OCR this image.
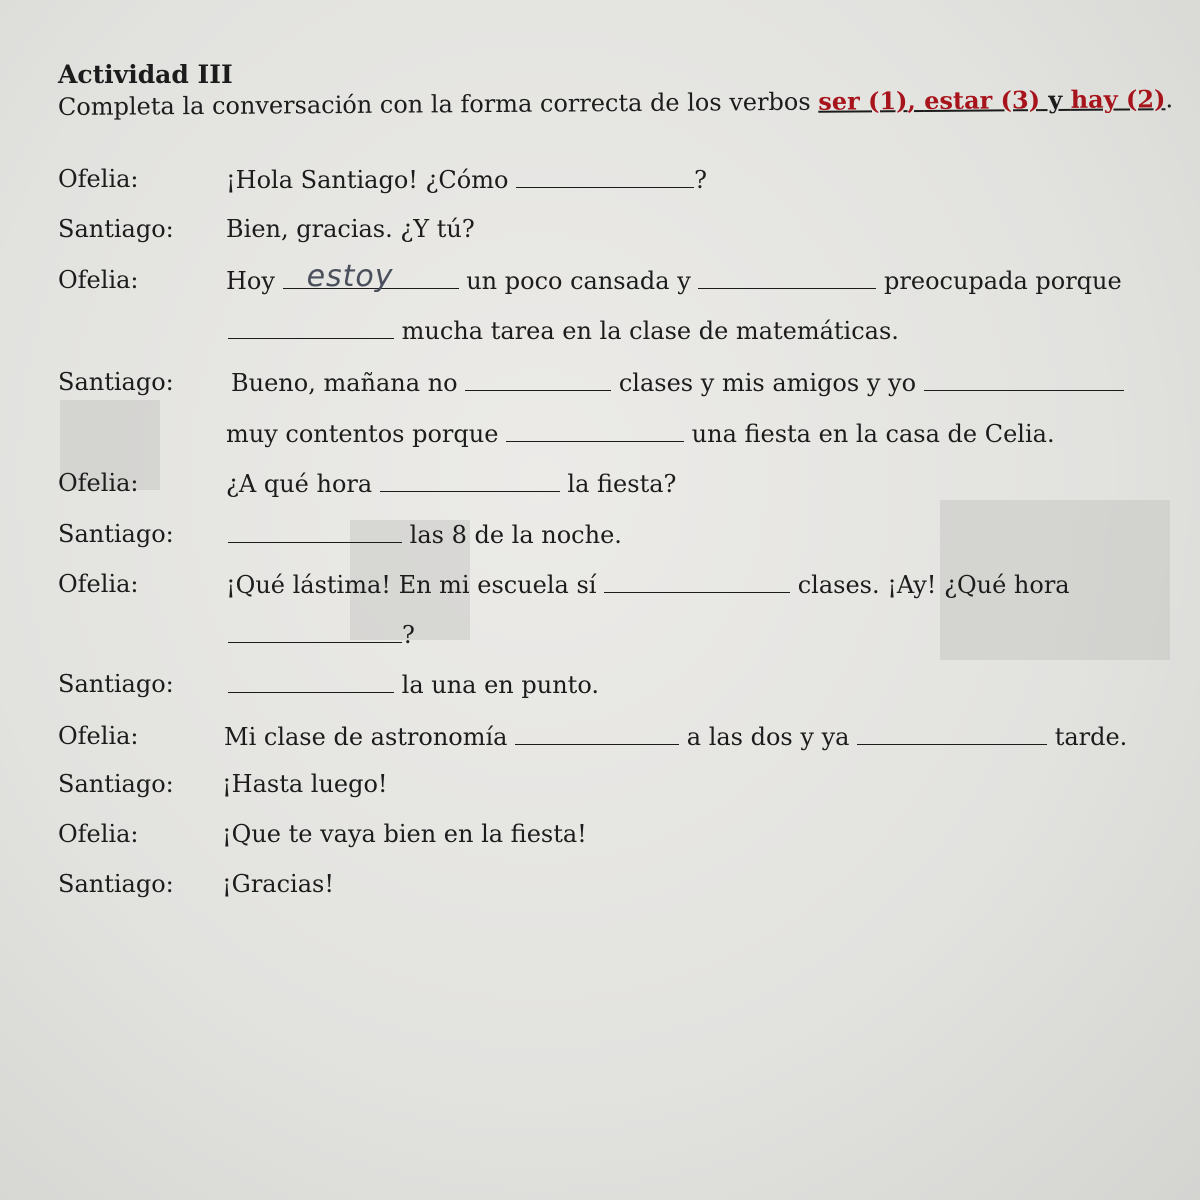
Actividad III
Completa la conversación con la forma correcta de los verbos ser (1), estar (3) y hay (2).
Ofelia:	¡Hola Santiago! ¿Cómo	?
Santiago: Bien, gracias. ¿Y tú?
Ofelia:	Hoy estoy	un poco cansada y	preocupada porque
mucha tarea en la clase de matemáticas.
Santiago: Bueno, mañana no	clases y mis amigos y yo
muy contentos porque	una fiesta en la casa de Celia.
Ofelia:	¿A qué hora	la fiesta?
Santiago:	las 8 de la noche.
Ofelia:	¡Qué lástima! En mi escuela sí	clases. ¡Ay! ¿Qué hora
?
Santiago:	la una en punto.
Ofelia:	Mi clase de astronomía	a las dos y ya	tarde.
Santiago: ¡Hasta luego!
Ofelia:	¡Que te vaya bien en la fiesta!
Santiago: ¡Gracias!
